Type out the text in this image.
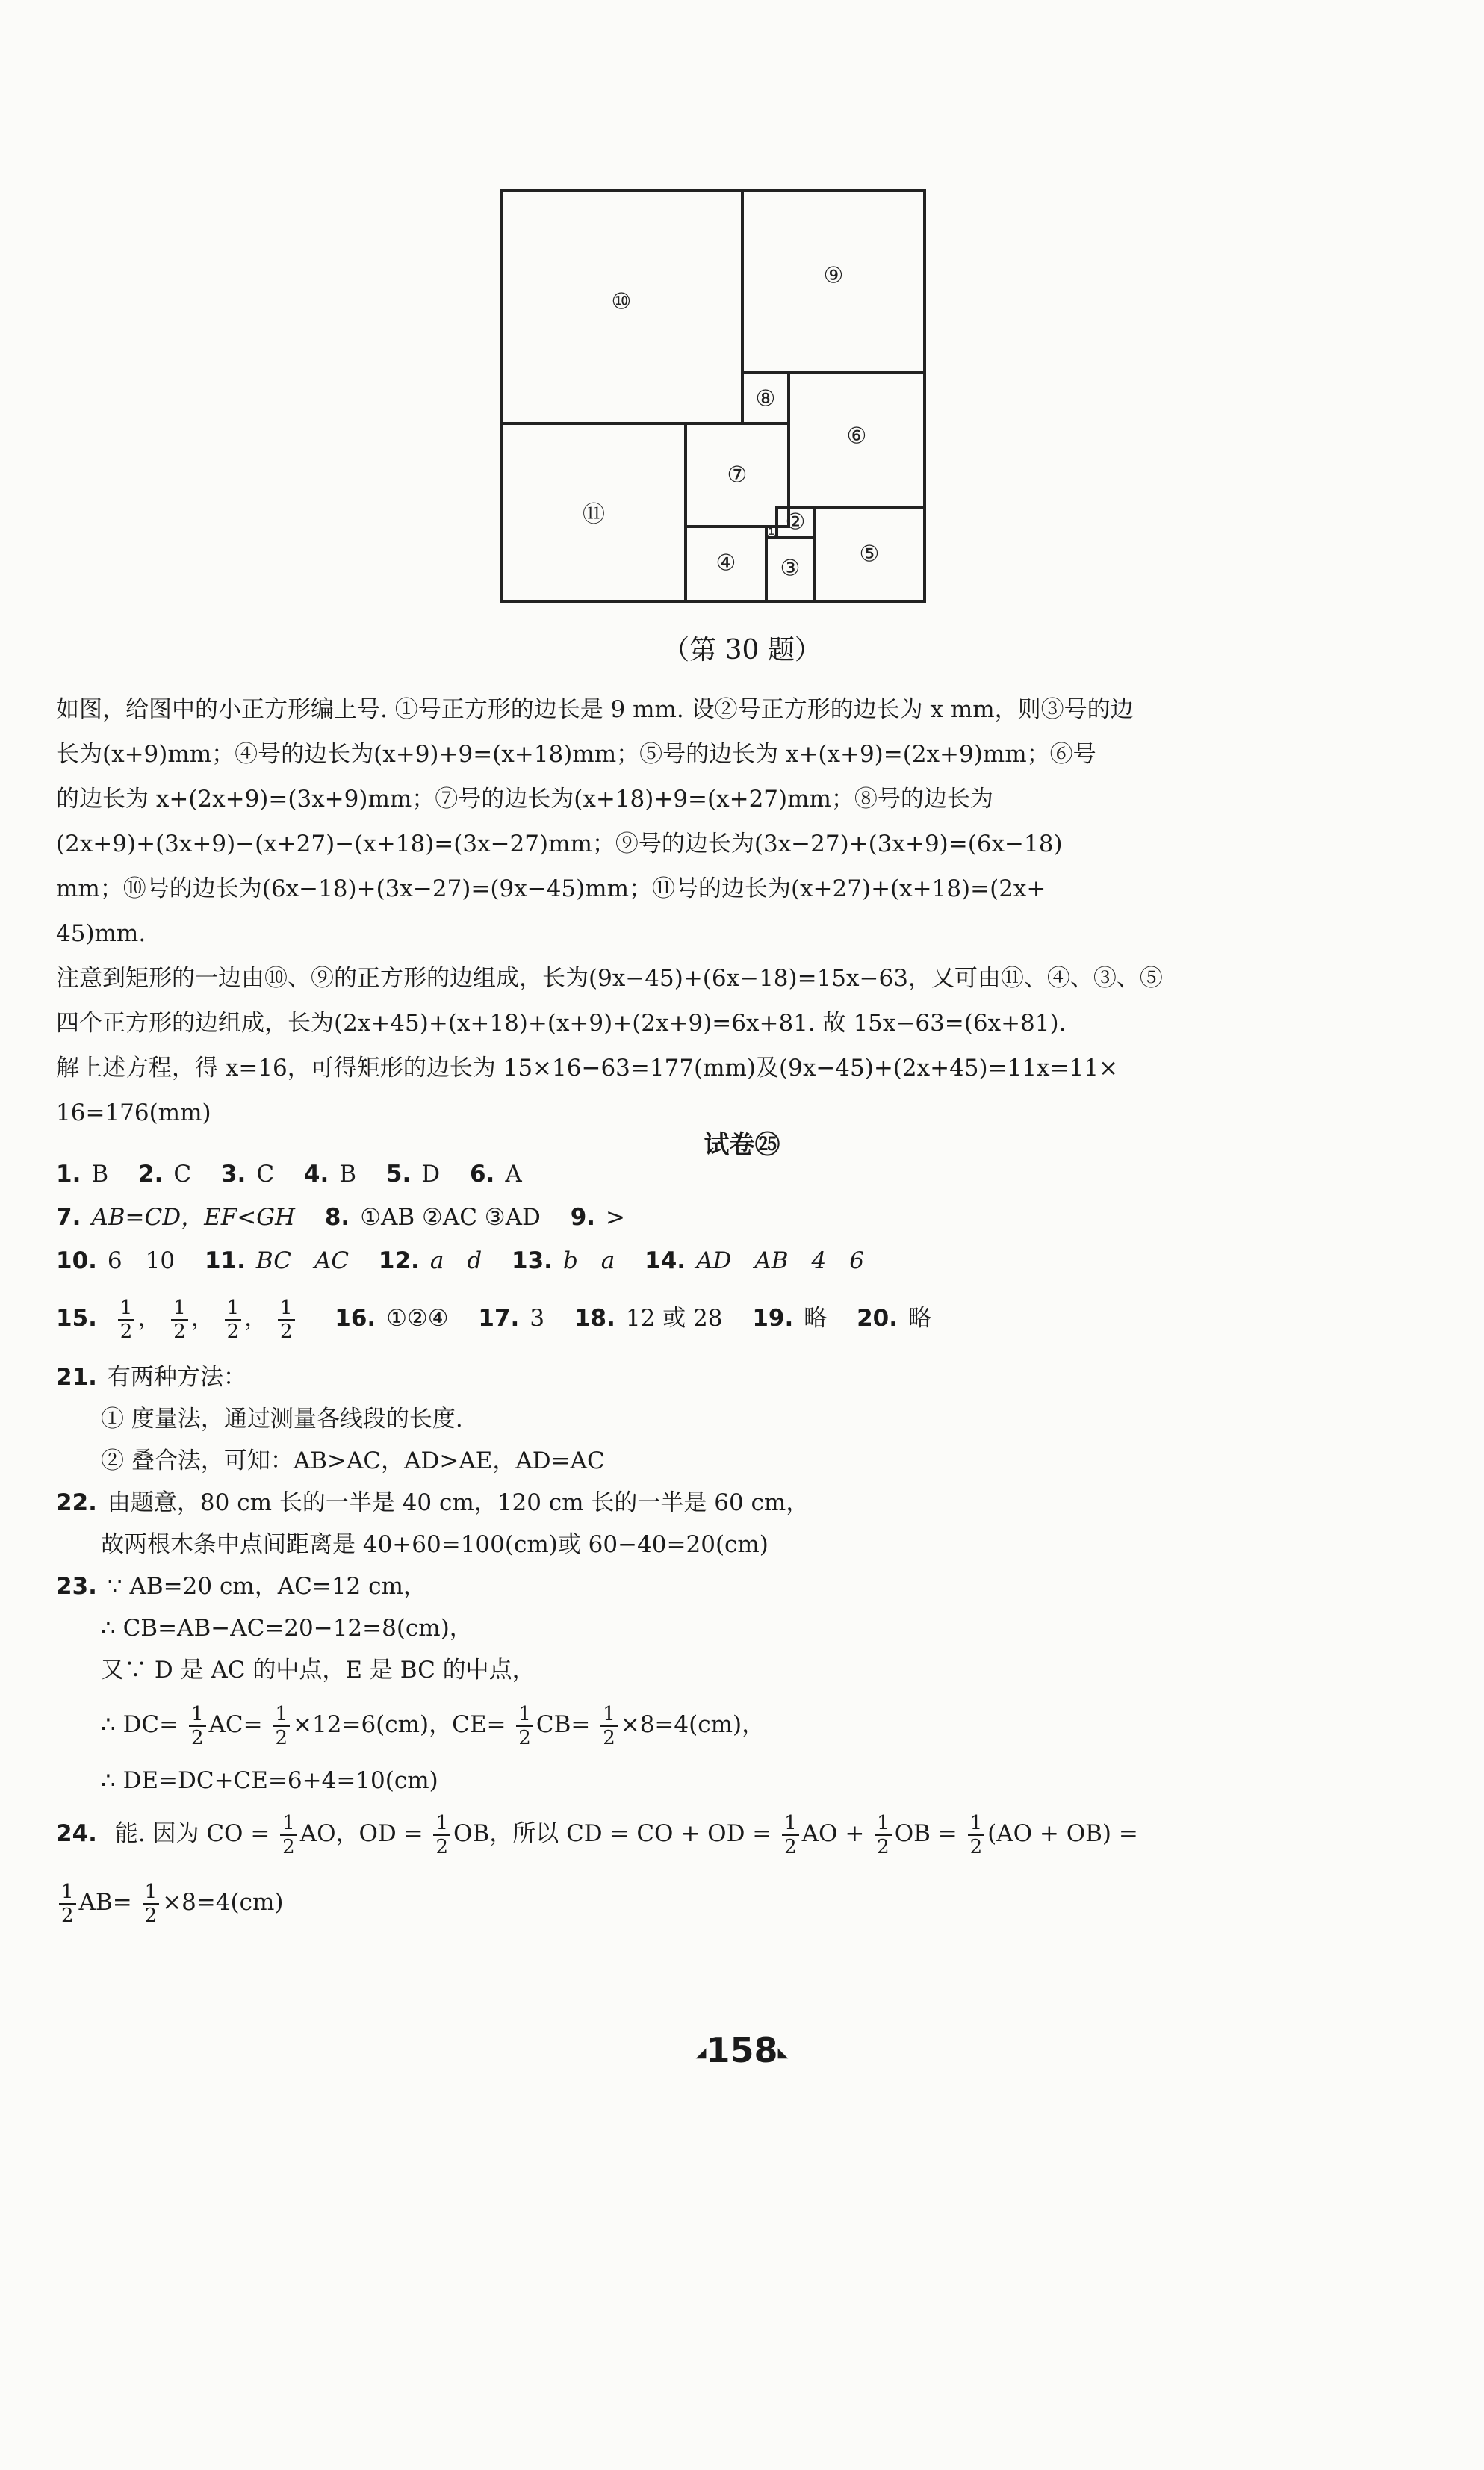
⑩
⑨
⑧
⑥
⑦
⑪	②
①
④ ③
⑤
（第 30 题）

如图，给图中的小正方形编上号. ①号正方形的边长是 9 mm. 设②号正方形的边长为 x mm，则③号的边

长为(x+9)mm；④号的边长为(x+9)+9=(x+18)mm；⑤号的边长为 x+(x+9)=(2x+9)mm；⑥号

的边长为 x+(2x+9)=(3x+9)mm；⑦号的边长为(x+18)+9=(x+27)mm；⑧号的边长为

(2x+9)+(3x+9)−(x+27)−(x+18)=(3x−27)mm；⑨号的边长为(3x−27)+(3x+9)=(6x−18)

mm；⑩号的边长为(6x−18)+(3x−27)=(9x−45)mm；⑪号的边长为(x+27)+(x+18)=(2x+

45)mm.

注意到矩形的一边由⑩、⑨的正方形的边组成，长为(9x−45)+(6x−18)=15x−63，又可由⑪、④、③、⑤

四个正方形的边组成，长为(2x+45)+(x+18)+(x+9)+(2x+9)=6x+81. 故 15x−63=(6x+81).

解上述方程，得 x=16，可得矩形的边长为 15×16−63=177(mm)及(9x−45)+(2x+45)=11x=11×

16=176(mm)

试卷㉕
1. B 2. C 3. C 4. B 5. D 6. A
7. AB=CD，EF<GH 8. ①AB ②AC ③AD 9. >
10. 6　10 11. BC　AC 12. a　d 13. b　a 14. AD　AB　4　6
15. $\frac{1}{2}$ ， $\frac{1}{2}$ ， $\frac{1}{2}$ ， $\frac{1}{2} 16$. ①②④ 17. 3 18. 12 或 28 19. 略 20. 略
21. 有两种方法：
① 度量法，通过测量各线段的长度.
② 叠合法，可知：AB>AC，AD>AE，AD=AC
22. 由题意，80 cm 长的一半是 40 cm，120 cm 长的一半是 60 cm，
故两根木条中点间距离是 40+60=100(cm)或 60−40=20(cm)
23. ∵ AB=20 cm，AC=12 cm，
∴ CB=AB−AC=20−12=8(cm)，
又∵ D 是 AC 的中点，E 是 BC 的中点，
∴ $DC= \frac{1}{2} AC= \frac{1}{2} \times 12=6(cm)$，$CE= \frac{1}{2} CB= \frac{1}{2} \times 8=4(cm)$，
∴ DE=DC+CE=6+4=10(cm)
24. 能. 因为 CO = $\frac{1}{2}$ AO，OD = $\frac{1}{2}$ OB，所以 CD = CO + OD = $\frac{1}{2}$ AO + $\frac{1}{2}$ OB = $\frac{1}{2} (AO + OB)$ =
$\frac{1}{2} AB= \frac{1}{2} \times 8=4(cm)$
◢158◣
